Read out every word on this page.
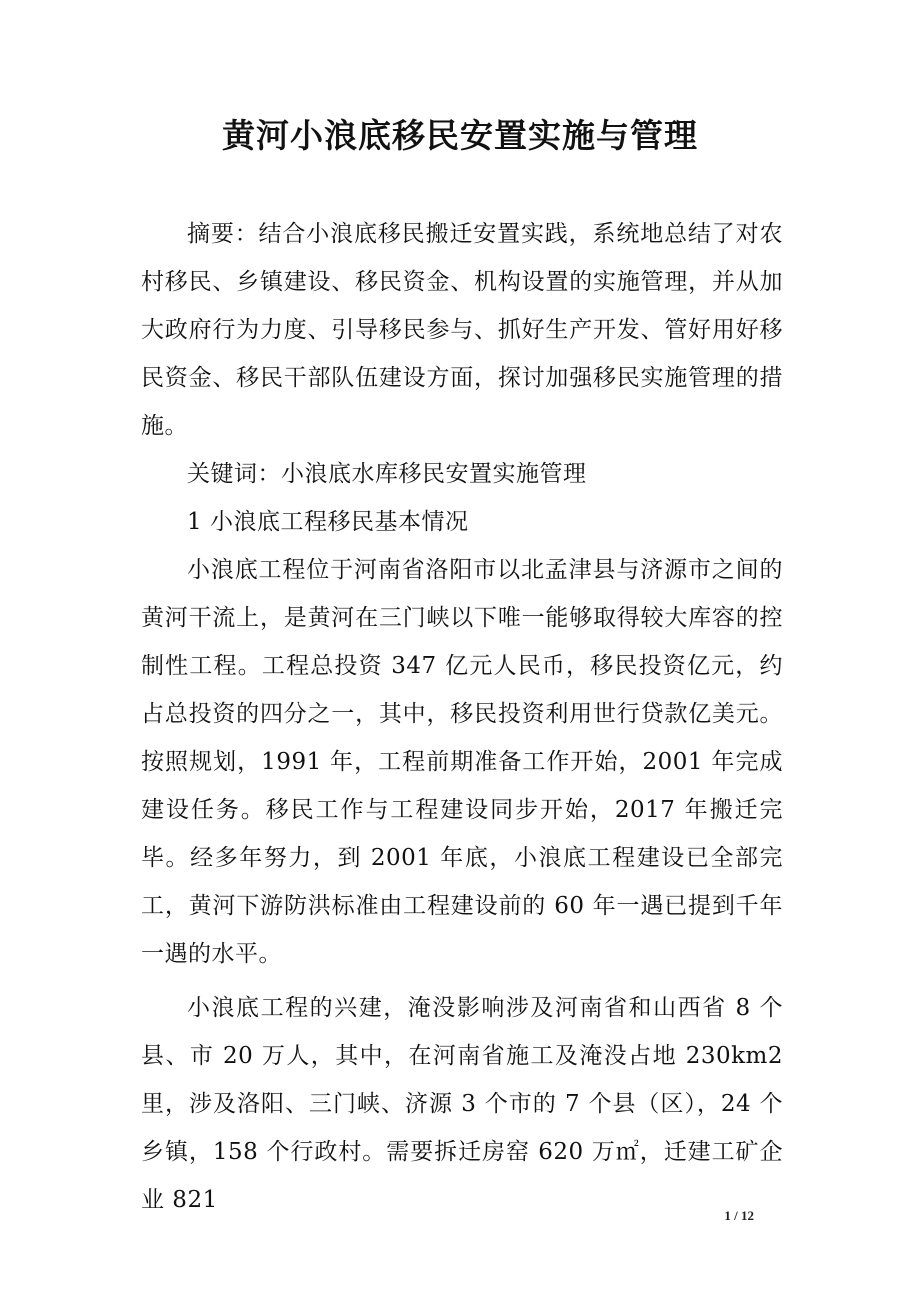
黄河小浪底移民安置实施与管理

摘要：结合小浪底移民搬迁安置实践，系统地总结了对农村移民、乡镇建设、移民资金、机构设置的实施管理，并从加大政府行为力度、引导移民参与、抓好生产开发、管好用好移民资金、移民干部队伍建设方面，探讨加强移民实施管理的措施。

关键词：小浪底水库移民安置实施管理

1 小浪底工程移民基本情况

小浪底工程位于河南省洛阳市以北孟津县与济源市之间的黄河干流上，是黄河在三门峡以下唯一能够取得较大库容的控制性工程。工程总投资 347 亿元人民币，移民投资亿元，约占总投资的四分之一，其中，移民投资利用世行贷款亿美元。按照规划，1991 年，工程前期准备工作开始，2001 年完成建设任务。移民工作与工程建设同步开始，2017 年搬迁完毕。经多年努力，到 2001 年底，小浪底工程建设已全部完工，黄河下游防洪标准由工程建设前的 60 年一遇已提到千年一遇的水平。

小浪底工程的兴建，淹没影响涉及河南省和山西省 8 个县、市 20 万人，其中，在河南省施工及淹没占地 230km2 里，涉及洛阳、三门峡、济源 3 个市的 7 个县（区），24 个乡镇，158 个行政村。需要拆迁房窑 620 万㎡，迁建工矿企业 821

1 / 12
